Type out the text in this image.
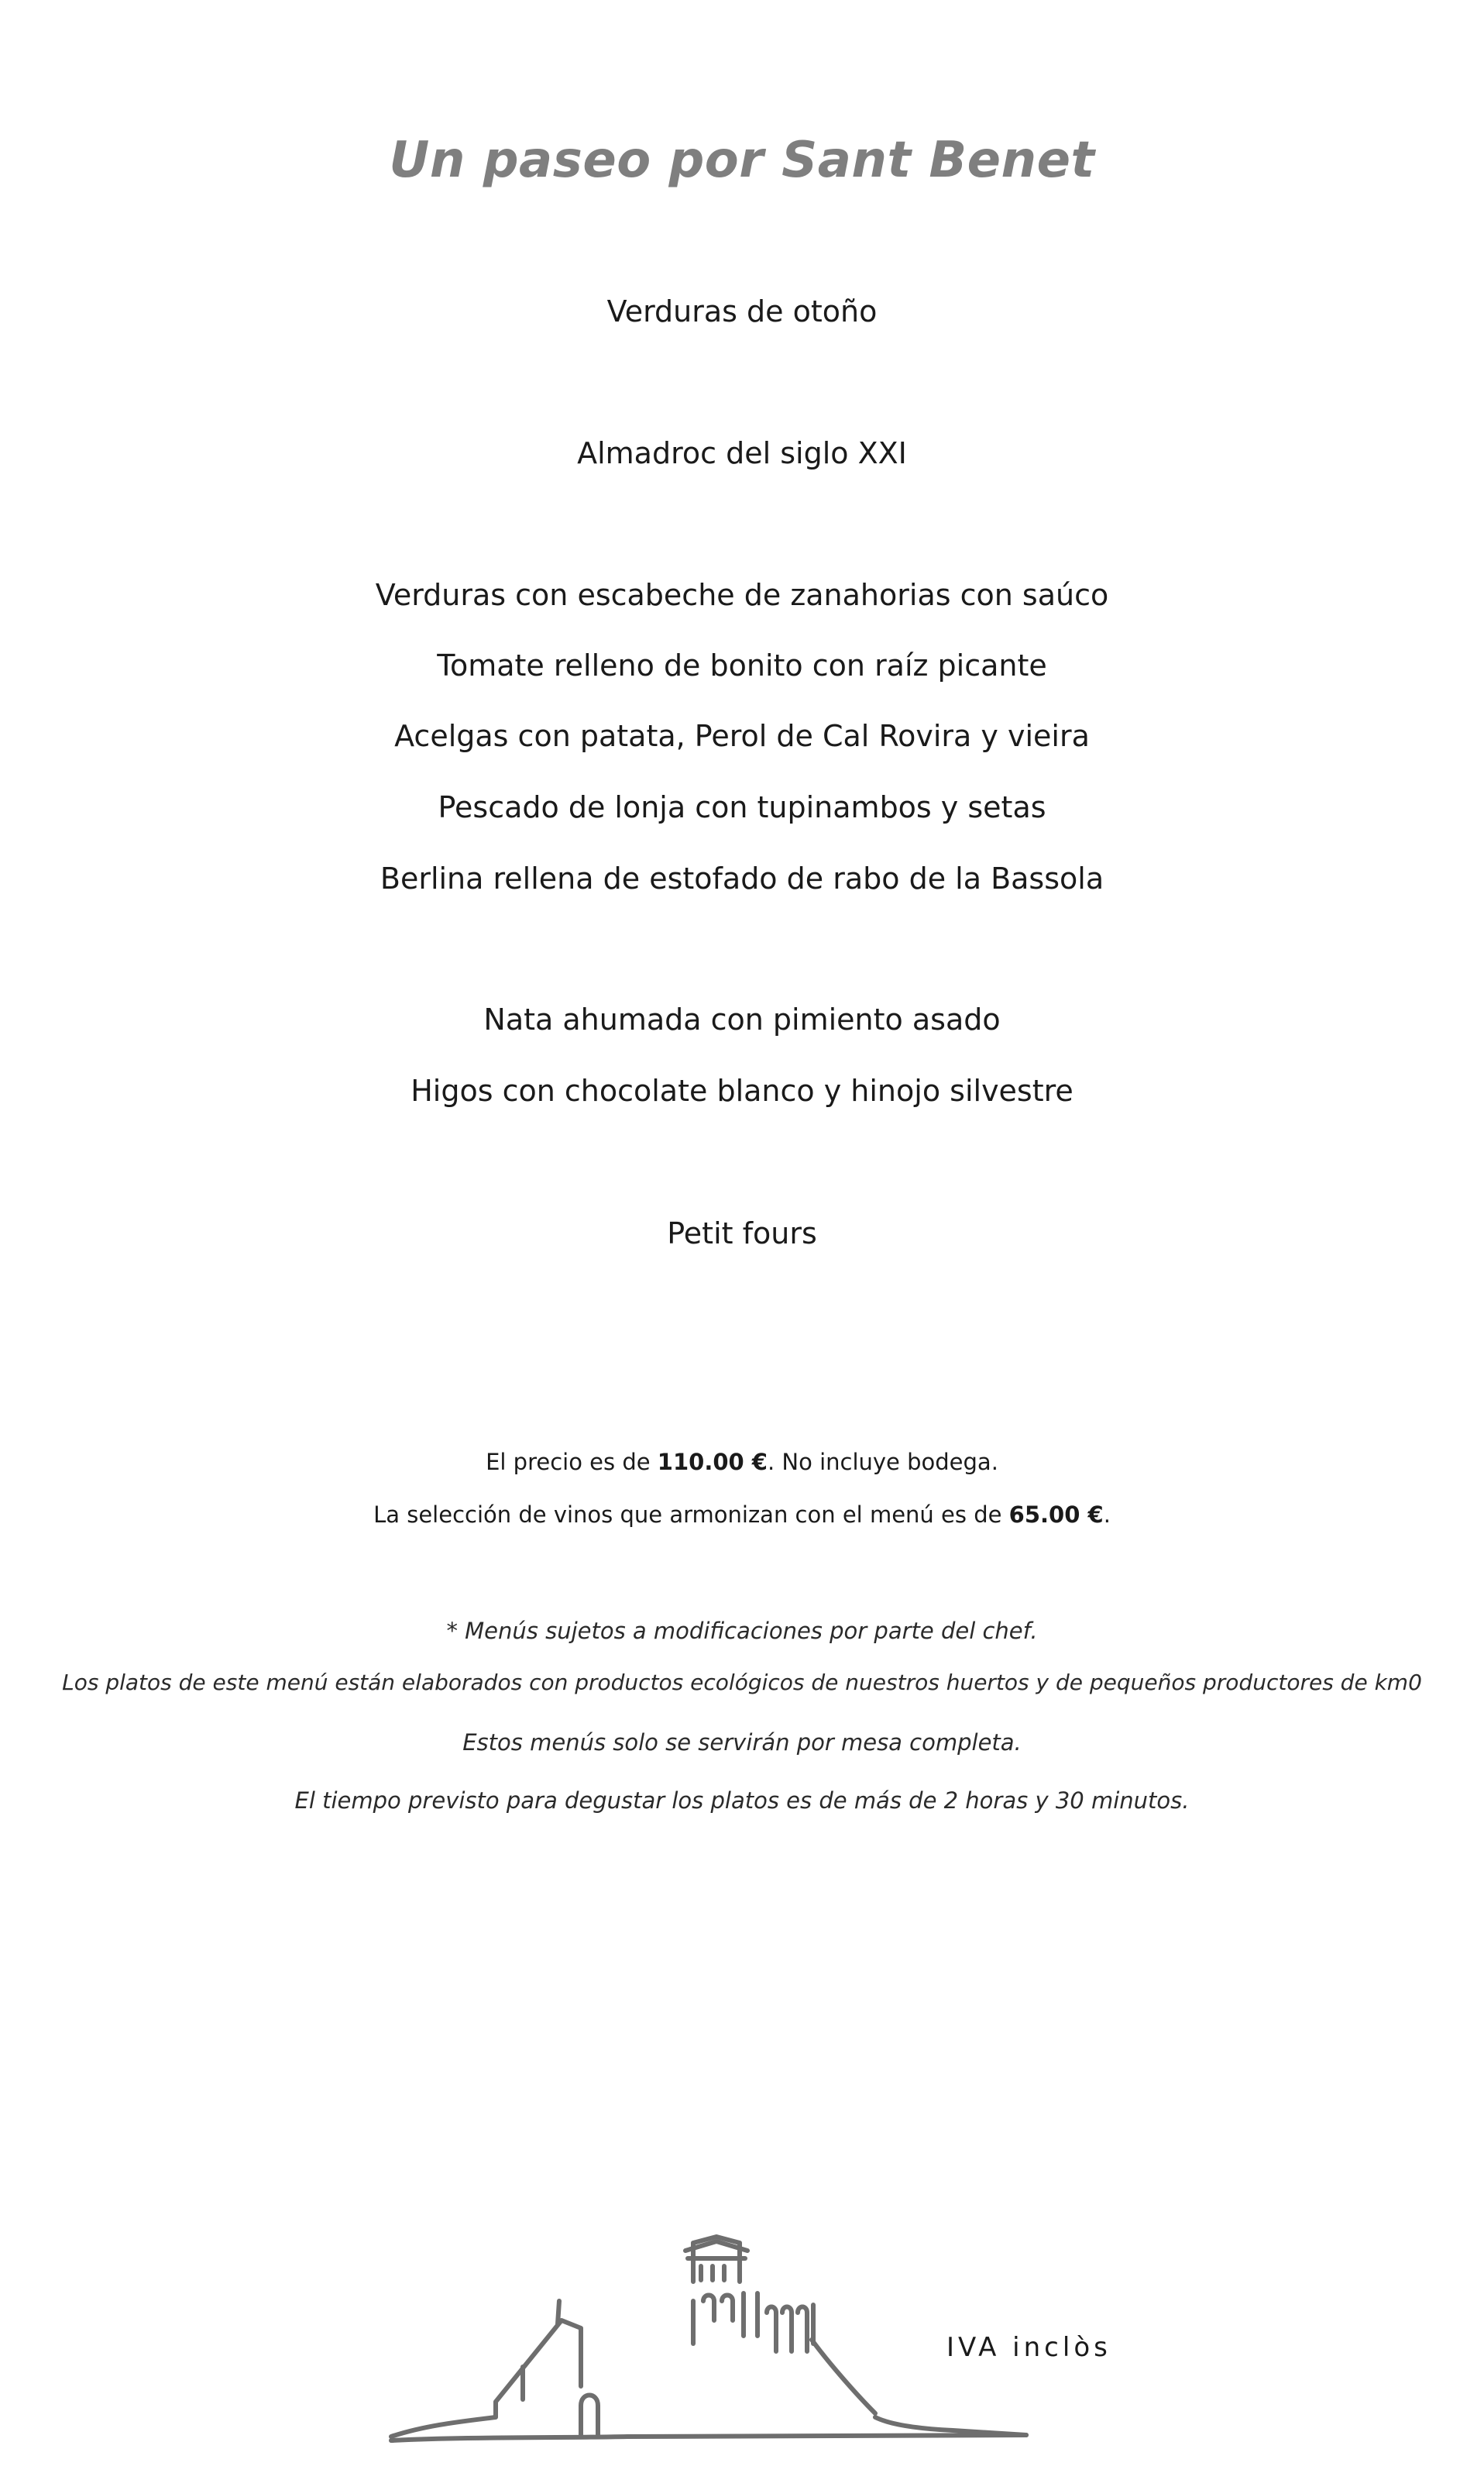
Un paseo por Sant Benet
Verduras de otoño
Almadroc del siglo XXI
Verduras con escabeche de zanahorias con saúco
Tomate relleno de bonito con raíz picante
Acelgas con patata, Perol de Cal Rovira y vieira
Pescado de lonja con tupinambos y setas
Berlina rellena de estofado de rabo de la Bassola
Nata ahumada con pimiento asado
Higos con chocolate blanco y hinojo silvestre
Petit fours
El precio es de 110.00 €. No incluye bodega.
La selección de vinos que armonizan con el menú es de 65.00 €.
* Menús sujetos a modificaciones por parte del chef.
Los platos de este menú están elaborados con productos ecológicos de nuestros huertos y de pequeños productores de km0
Estos menús solo se servirán por mesa completa.
El tiempo previsto para degustar los platos es de más de 2 horas y 30 minutos.
IVA inclòs
